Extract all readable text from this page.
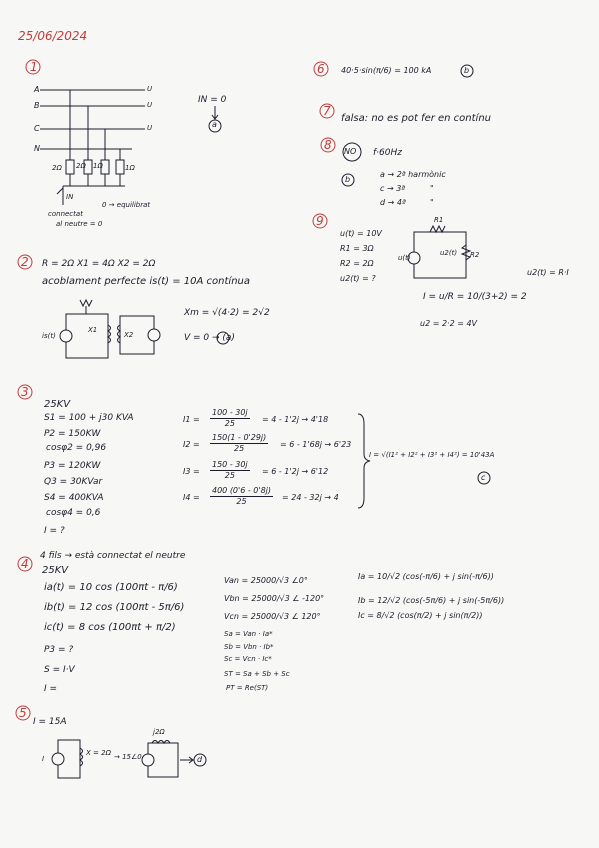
25/06/2024
1
A
B
C
N
U
U
U
2Ω 2Ω 1Ω	1Ω
IN
0 → equilibrat
connectat
al neutre = 0
IN = 0
a
2 R = 2Ω X1 = 4Ω X2 = 2Ω
acoblament perfecte is(t) = 10A contínua
is(t)
X1
X2
Xm = √(4·2) = 2√2
V = 0 → (a)
3
25KV
S1 = 100 + j30 KVA
P2 = 150KW
cosφ2 = 0,96
P3 = 120KW
Q3 = 30KVar
S4 = 400KVA
cosφ4 = 0,6
I = ?
$I1 = \frac{100 - 30j}{25} = 4 - 1'2j \to 4'18$
$I2 = \frac{150(1 - 0'29j)}{25} = 6 - 1'68j \to 6'23$
$I3 = \frac{150 - 30j}{25} = 6 - 1'2j \to 6'12$
$I4 = \frac{400 (0'6 - 0'8j)}{25} = 24 - 32j \to 4$
I = √(I1² + I2² + I3² + I4²) = 10'43A
c
4
4 fils → està connectat el neutre
25KV
ia(t) = 10 cos (100πt - π/6)
ib(t) = 12 cos (100πt - 5π/6)
ic(t) = 8 cos (100πt + π/2)
P3 = ?
S = I·V
I =
Van = 25000/√3 ∠0°
Vbn = 25000/√3 ∠ -120°
Vcn = 25000/√3 ∠ 120°
Sa = Van · Ia*
Sb = Vbn · Ib*
Sc = Vcn · Ic*
ST = Sa + Sb + Sc
PT = Re(ST)
Ia = 10/√2 (cos(-π/6) + j sin(-π/6))
Ib = 12/√2 (cos(-5π/6) + j sin(-5π/6))
Ic = 8/√2 (cos(π/2) + j sin(π/2))
5
I = 15A
I
X = 2Ω
j2Ω
→ 15∠0	d
6 40·5·sin(π/6) = 100 kA	b
7
falsa: no es pot fer en contínu
8 NO f·60Hz
a → 2ª harmònic
b
c → 3ª	"
d → 4ª	"
9
u(t) = 10V
R1 = 3Ω
R2 = 2Ω
u2(t) = ?
R1
R2
u(t)
u2(t)
u2(t) = R·I
I = u/R = 10/(3+2) = 2
u2 = 2·2 = 4V
